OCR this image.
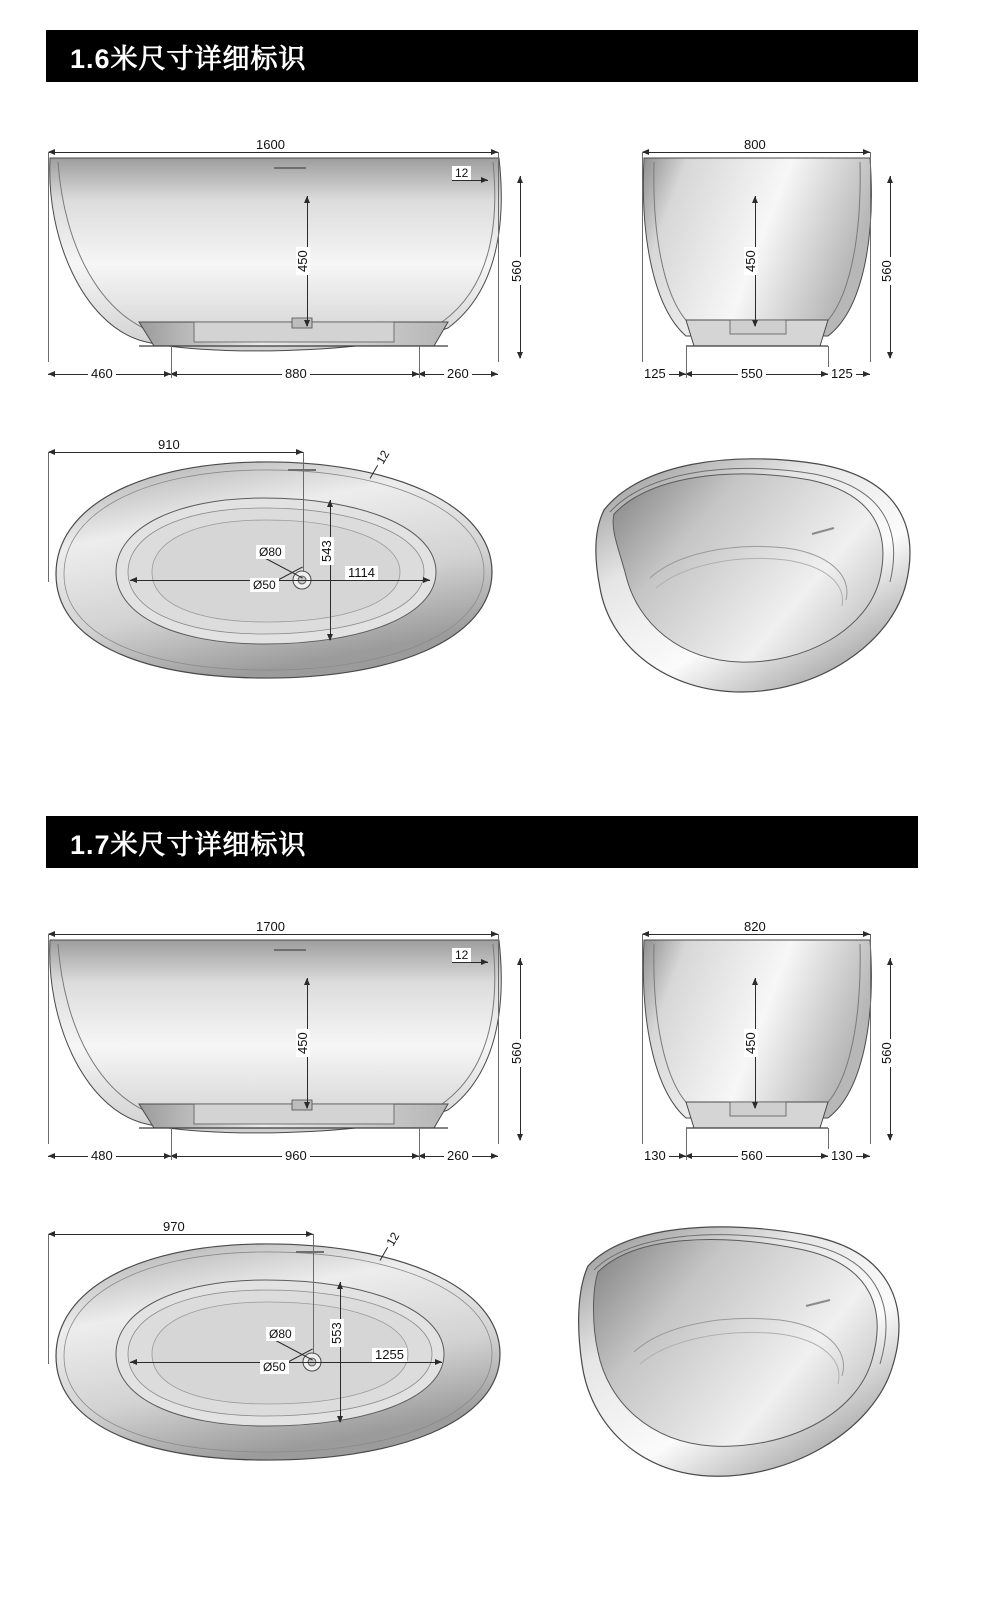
1.6米尺寸详细标识
1600
12
450	560
460	880	260
800
450	560
125	550	125
910
12
543
1114
Ø80
Ø50
1.7米尺寸详细标识
1700
12
450	560
480	960	260
820
450	560
130	560	130
970
12
553
1255
Ø80
Ø50
